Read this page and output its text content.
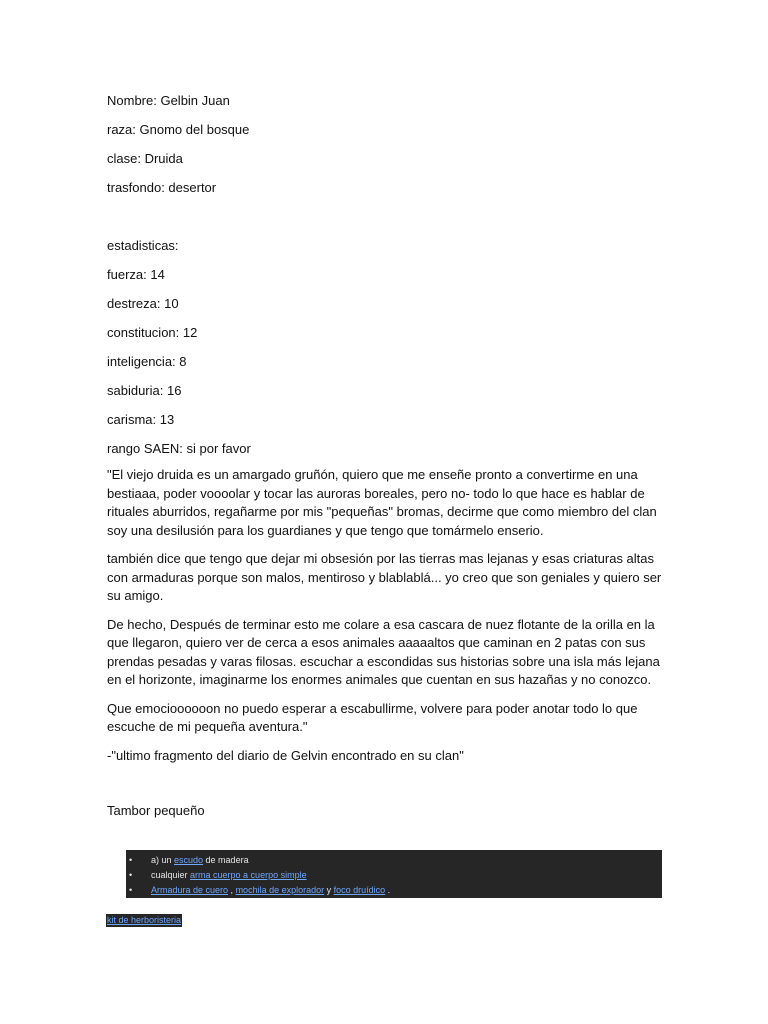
Nombre: Gelbin Juan

raza: Gnomo del bosque

clase: Druida

trasfondo: desertor

estadisticas:

fuerza: 14

destreza: 10

constitucion: 12

inteligencia: 8

sabiduria: 16

carisma: 13

rango SAEN: si por favor

"El viejo druida es un amargado gruñón, quiero que me enseñe pronto a convertirme en una bestiaaa, poder voooolar y tocar las auroras boreales, pero no- todo lo que hace es hablar de rituales aburridos, regañarme por mis "pequeñas" bromas, decirme que como miembro del clan soy una desilusión para los guardianes y que tengo que tomármelo enserio.

también dice que tengo que dejar mi obsesión por las tierras mas lejanas y esas criaturas altas con armaduras porque son malos, mentiroso y blablablá... yo creo que son geniales y quiero ser su amigo.

De hecho, Después de terminar esto me colare a esa cascara de nuez flotante de la orilla en la que llegaron, quiero ver de cerca a esos animales aaaaaltos que caminan en 2 patas con sus prendas pesadas y varas filosas. escuchar a escondidas sus historias sobre una isla más lejana en el horizonte, imaginarme los enormes animales que cuentan en sus hazañas y no conozco.

Que emocioooooon no puedo esperar a escabullirme, volvere para poder anotar todo lo que escuche de mi pequeña aventura."

-"ultimo fragmento del diario de Gelvin encontrado en su clan"

Tambor pequeño

• a) un escudo de madera
• cualquier arma cuerpo a cuerpo simple
• Armadura de cuero , mochila de explorador y foco druídico .
kit de herboristeria
